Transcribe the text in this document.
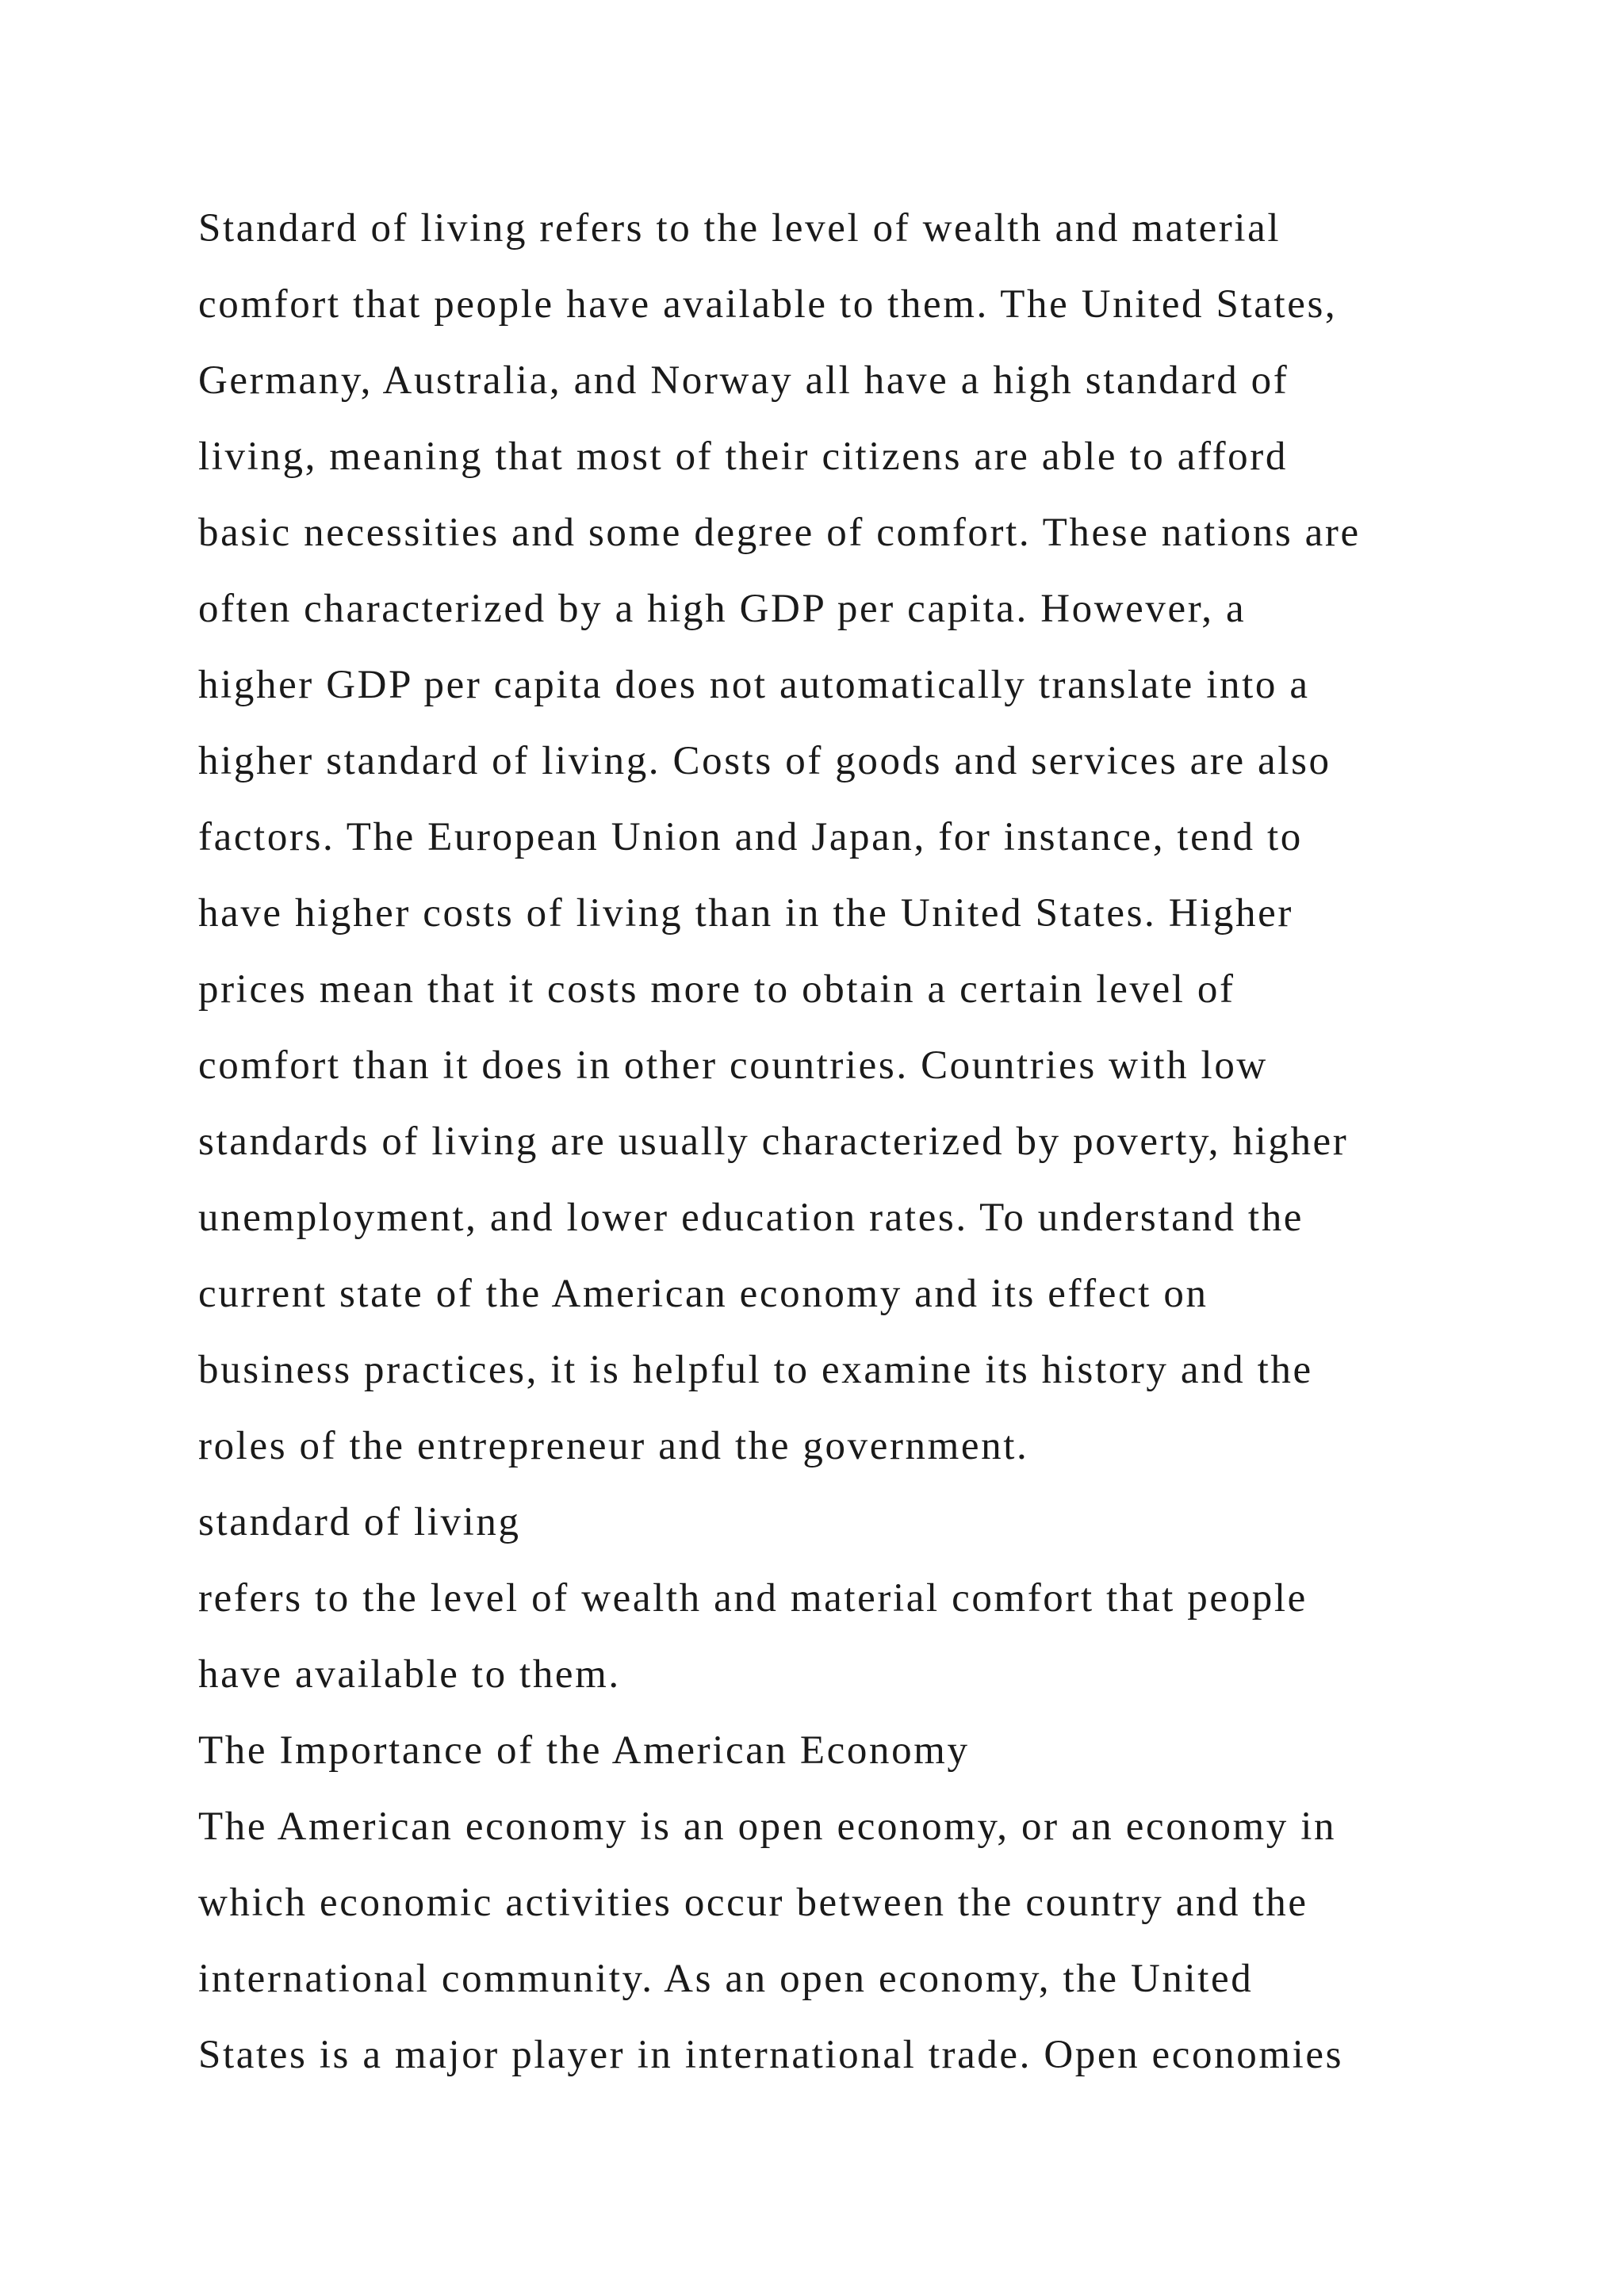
Standard of living refers to the level of wealth and material
comfort that people have available to them. The United States,
Germany, Australia, and Norway all have a high standard of
living, meaning that most of their citizens are able to afford
basic necessities and some degree of comfort. These nations are
often characterized by a high GDP per capita. However, a
higher GDP per capita does not automatically translate into a
higher standard of living. Costs of goods and services are also
factors. The European Union and Japan, for instance, tend to
have higher costs of living than in the United States. Higher
prices mean that it costs more to obtain a certain level of
comfort than it does in other countries. Countries with low
standards of living are usually characterized by poverty, higher
unemployment, and lower education rates. To understand the
current state of the American economy and its effect on
business practices, it is helpful to examine its history and the
roles of the entrepreneur and the government.
standard of living
refers to the level of wealth and material comfort that people
have available to them.
The Importance of the American Economy
The American economy is an open economy, or an economy in
which economic activities occur between the country and the
international community. As an open economy, the United
States is a major player in international trade. Open economies
